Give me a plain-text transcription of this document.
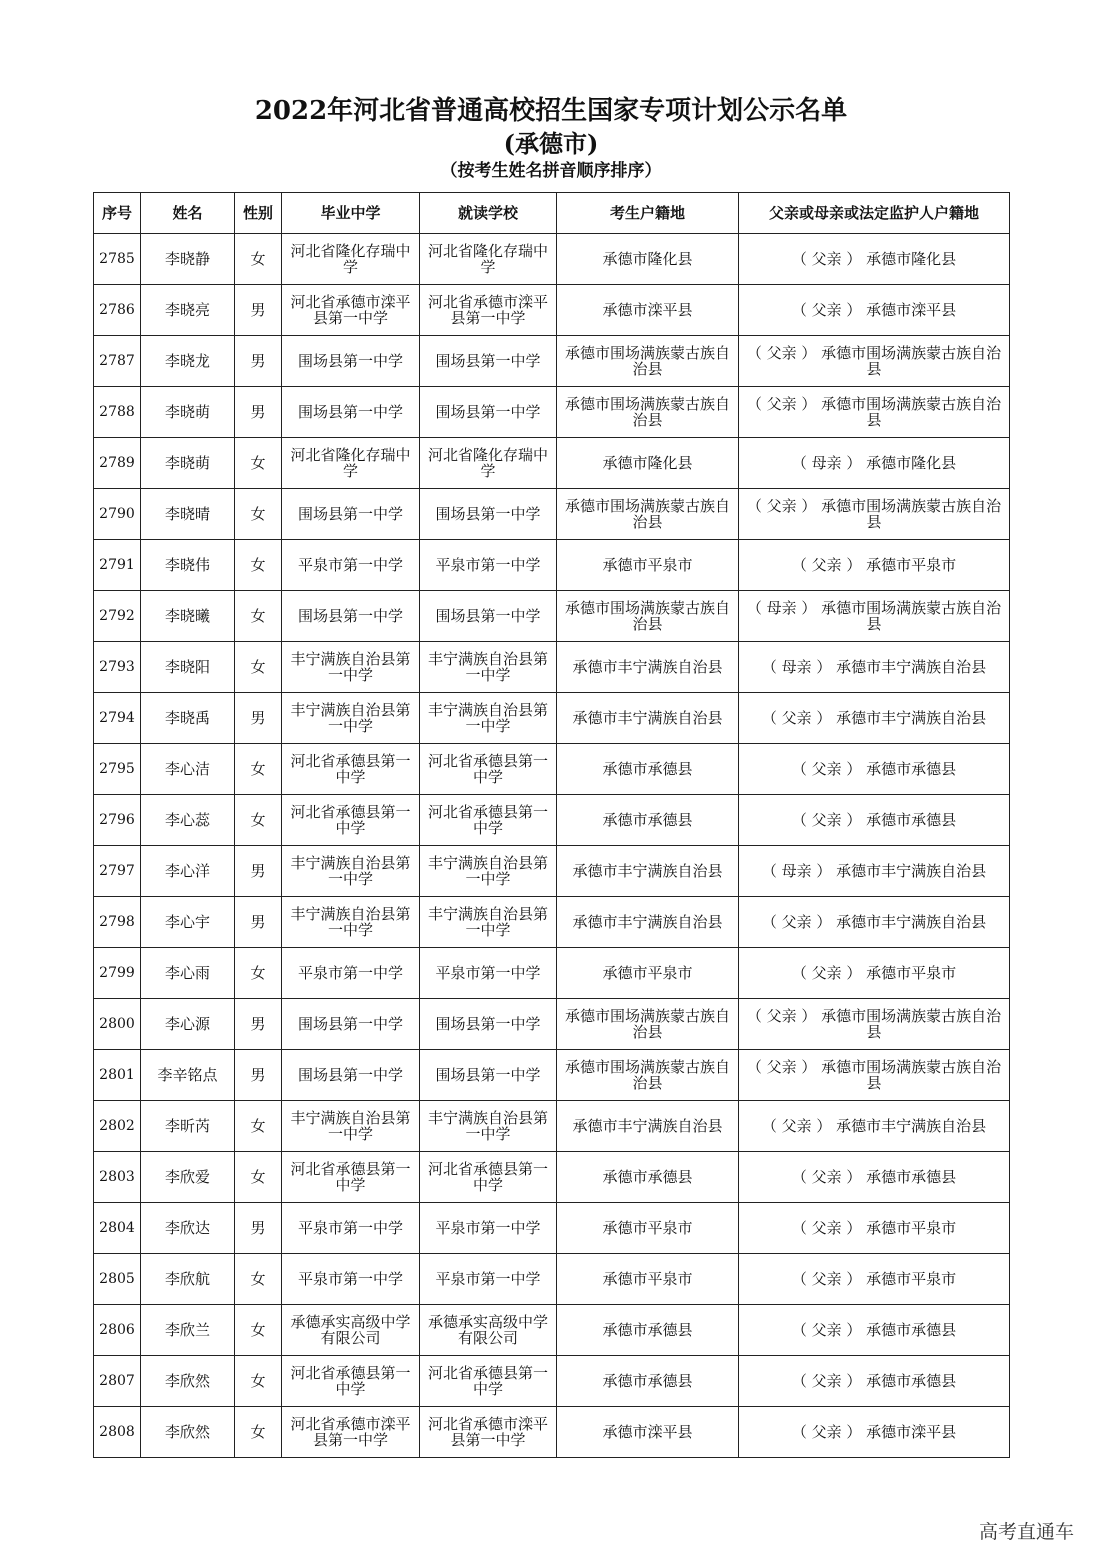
2022年河北省普通高校招生国家专项计划公示名单
(承德市)
（按考生姓名拼音顺序排序）
序号	姓名	性别	毕业中学	就读学校	考生户籍地	父亲或母亲或法定监护人户籍地
2785	李晓静	女	河北省隆化存瑞中学	河北省隆化存瑞中学	承德市隆化县	（ 父亲 ） 承德市隆化县
2786	李晓亮	男	河北省承德市滦平县第一中学	河北省承德市滦平县第一中学	承德市滦平县	（ 父亲 ） 承德市滦平县
2787	李晓龙	男	围场县第一中学	围场县第一中学	承德市围场满族蒙古族自治县	（ 父亲 ） 承德市围场满族蒙古族自治县
2788	李晓萌	男	围场县第一中学	围场县第一中学	承德市围场满族蒙古族自治县	（ 父亲 ） 承德市围场满族蒙古族自治县
2789	李晓萌	女	河北省隆化存瑞中学	河北省隆化存瑞中学	承德市隆化县	（ 母亲 ） 承德市隆化县
2790	李晓晴	女	围场县第一中学	围场县第一中学	承德市围场满族蒙古族自治县	（ 父亲 ） 承德市围场满族蒙古族自治县
2791	李晓伟	女	平泉市第一中学	平泉市第一中学	承德市平泉市	（ 父亲 ） 承德市平泉市
2792	李晓曦	女	围场县第一中学	围场县第一中学	承德市围场满族蒙古族自治县	（ 母亲 ） 承德市围场满族蒙古族自治县
2793	李晓阳	女	丰宁满族自治县第一中学	丰宁满族自治县第一中学	承德市丰宁满族自治县	（ 母亲 ） 承德市丰宁满族自治县
2794	李晓禹	男	丰宁满族自治县第一中学	丰宁满族自治县第一中学	承德市丰宁满族自治县	（ 父亲 ） 承德市丰宁满族自治县
2795	李心洁	女	河北省承德县第一中学	河北省承德县第一中学	承德市承德县	（ 父亲 ） 承德市承德县
2796	李心蕊	女	河北省承德县第一中学	河北省承德县第一中学	承德市承德县	（ 父亲 ） 承德市承德县
2797	李心洋	男	丰宁满族自治县第一中学	丰宁满族自治县第一中学	承德市丰宁满族自治县	（ 母亲 ） 承德市丰宁满族自治县
2798	李心宇	男	丰宁满族自治县第一中学	丰宁满族自治县第一中学	承德市丰宁满族自治县	（ 父亲 ） 承德市丰宁满族自治县
2799	李心雨	女	平泉市第一中学	平泉市第一中学	承德市平泉市	（ 父亲 ） 承德市平泉市
2800	李心源	男	围场县第一中学	围场县第一中学	承德市围场满族蒙古族自治县	（ 父亲 ） 承德市围场满族蒙古族自治县
2801	李辛铭点	男	围场县第一中学	围场县第一中学	承德市围场满族蒙古族自治县	（ 父亲 ） 承德市围场满族蒙古族自治县
2802	李昕芮	女	丰宁满族自治县第一中学	丰宁满族自治县第一中学	承德市丰宁满族自治县	（ 父亲 ） 承德市丰宁满族自治县
2803	李欣爱	女	河北省承德县第一中学	河北省承德县第一中学	承德市承德县	（ 父亲 ） 承德市承德县
2804	李欣达	男	平泉市第一中学	平泉市第一中学	承德市平泉市	（ 父亲 ） 承德市平泉市
2805	李欣航	女	平泉市第一中学	平泉市第一中学	承德市平泉市	（ 父亲 ） 承德市平泉市
2806	李欣兰	女	承德承实高级中学有限公司	承德承实高级中学有限公司	承德市承德县	（ 父亲 ） 承德市承德县
2807	李欣然	女	河北省承德县第一中学	河北省承德县第一中学	承德市承德县	（ 父亲 ） 承德市承德县
2808	李欣然	女	河北省承德市滦平县第一中学	河北省承德市滦平县第一中学	承德市滦平县	（ 父亲 ） 承德市滦平县
高考直通车
